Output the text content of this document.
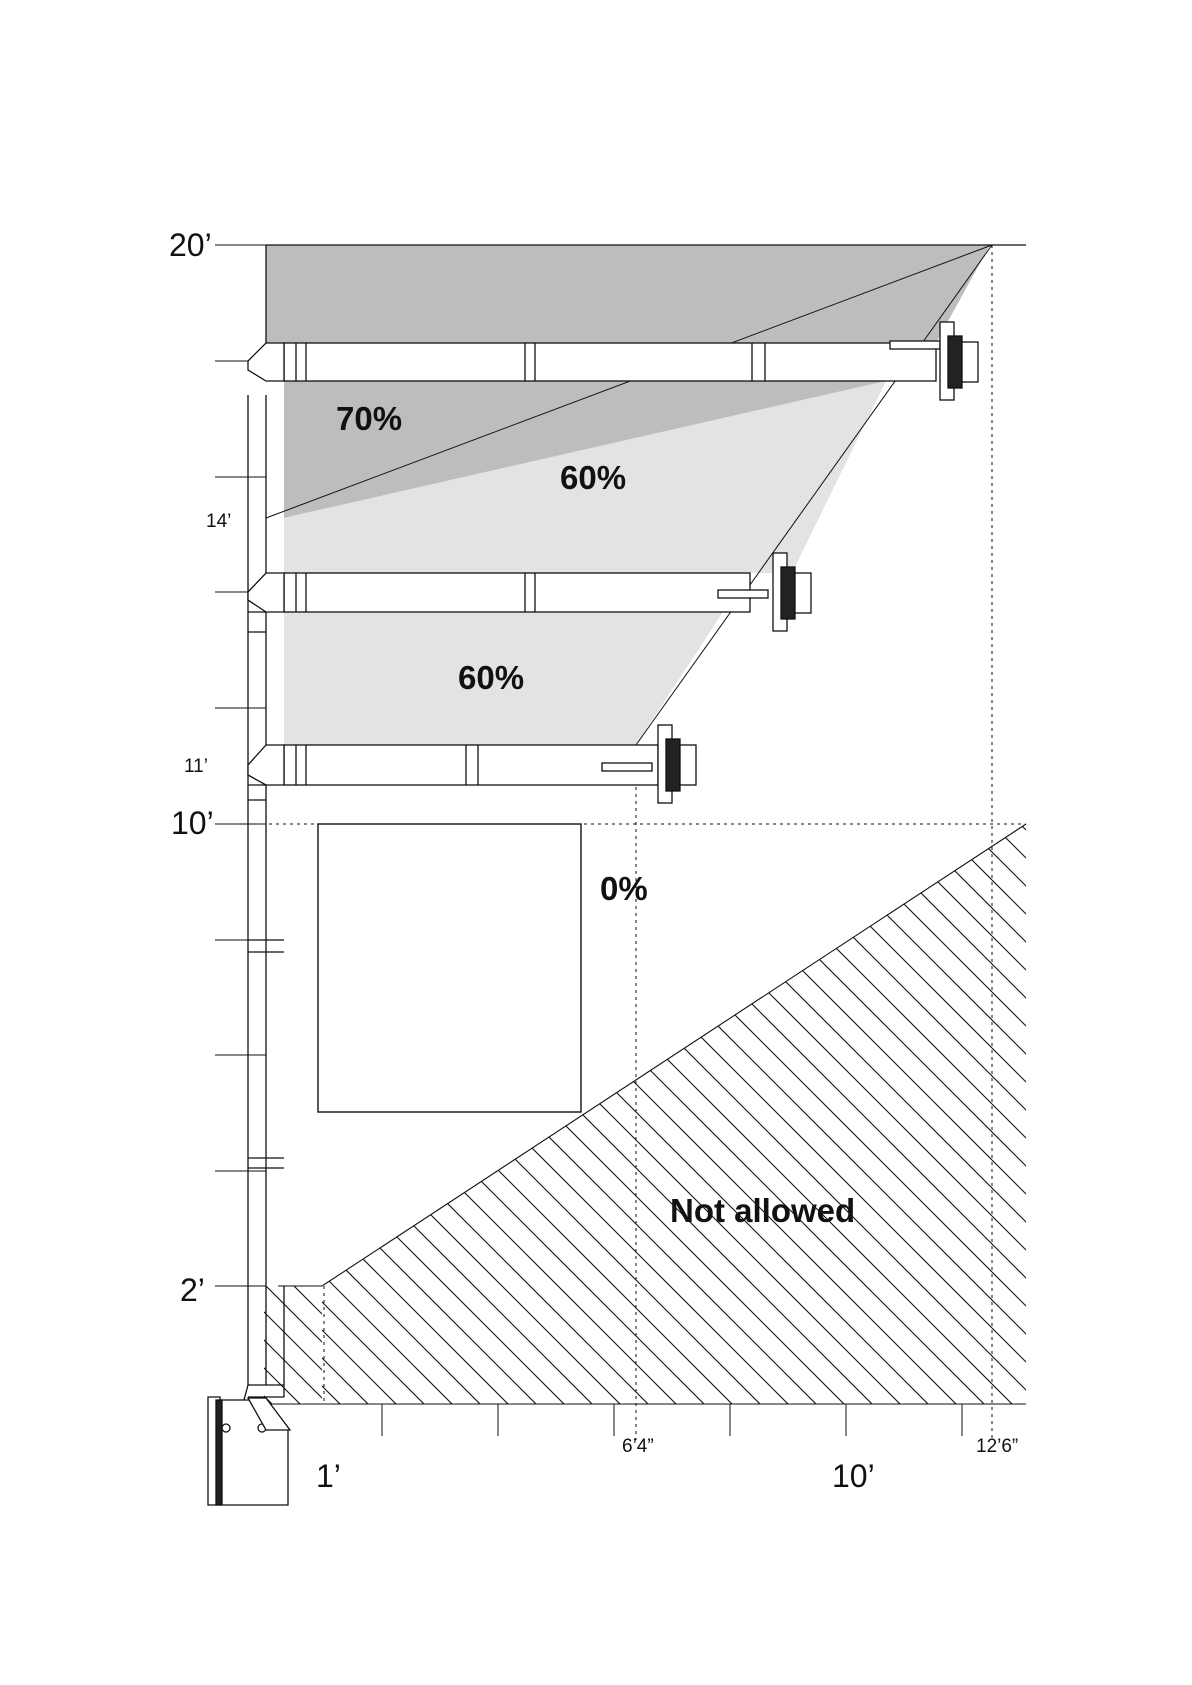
20’
14’
11’
10’
2’
1’
6’4”
10’
12’6”
70%
60%
60%
0%
Not allowed
